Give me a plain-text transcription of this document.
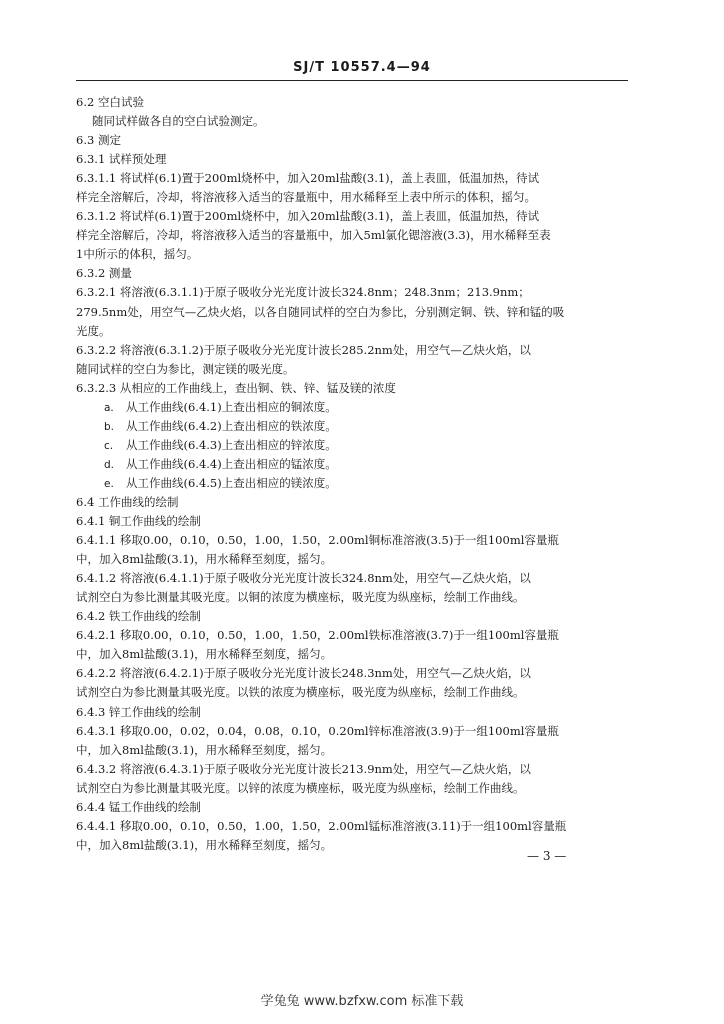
SJ/T 10557.4—94
6.2 空白试验
随同试样做各自的空白试验测定。
6.3 测定
6.3.1 试样预处理
6.3.1.1 将试样(6.1)置于200ml烧杯中，加入20ml盐酸(3.1)，盖上表皿，低温加热，待试
样完全溶解后，冷却，将溶液移入适当的容量瓶中，用水稀释至上表中所示的体积，摇匀。
6.3.1.2 将试样(6.1)置于200ml烧杯中，加入20ml盐酸(3.1)，盖上表皿，低温加热，待试
样完全溶解后，冷却，将溶液移入适当的容量瓶中，加入5ml氯化锶溶液(3.3)，用水稀释至表
1中所示的体积，摇匀。
6.3.2 测量
6.3.2.1 将溶液(6.3.1.1)于原子吸收分光光度计波长324.8nm；248.3nm；213.9nm；
279.5nm处，用空气—乙炔火焰，以各自随同试样的空白为参比，分别测定铜、铁、锌和锰的吸
光度。
6.3.2.2 将溶液(6.3.1.2)于原子吸收分光光度计波长285.2nm处，用空气—乙炔火焰，以
随同试样的空白为参比，测定镁的吸光度。
6.3.2.3 从相应的工作曲线上，查出铜、铁、锌、锰及镁的浓度
a. 从工作曲线(6.4.1)上查出相应的铜浓度。
b. 从工作曲线(6.4.2)上查出相应的铁浓度。
c. 从工作曲线(6.4.3)上查出相应的锌浓度。
d. 从工作曲线(6.4.4)上查出相应的锰浓度。
e. 从工作曲线(6.4.5)上查出相应的镁浓度。
6.4 工作曲线的绘制
6.4.1 铜工作曲线的绘制
6.4.1.1 移取0.00，0.10，0.50，1.00，1.50，2.00ml铜标准溶液(3.5)于一组100ml容量瓶
中，加入8ml盐酸(3.1)，用水稀释至刻度，摇匀。
6.4.1.2 将溶液(6.4.1.1)于原子吸收分光光度计波长324.8nm处，用空气—乙炔火焰，以
试剂空白为参比测量其吸光度。以铜的浓度为横座标，吸光度为纵座标，绘制工作曲线。
6.4.2 铁工作曲线的绘制
6.4.2.1 移取0.00，0.10，0.50，1.00，1.50，2.00ml铁标准溶液(3.7)于一组100ml容量瓶
中，加入8ml盐酸(3.1)，用水稀释至刻度，摇匀。
6.4.2.2 将溶液(6.4.2.1)于原子吸收分光光度计波长248.3nm处，用空气—乙炔火焰，以
试剂空白为参比测量其吸光度。以铁的浓度为横座标，吸光度为纵座标，绘制工作曲线。
6.4.3 锌工作曲线的绘制
6.4.3.1 移取0.00，0.02，0.04，0.08，0.10，0.20ml锌标准溶液(3.9)于一组100ml容量瓶
中，加入8ml盐酸(3.1)，用水稀释至刻度，摇匀。
6.4.3.2 将溶液(6.4.3.1)于原子吸收分光光度计波长213.9nm处，用空气—乙炔火焰，以
试剂空白为参比测量其吸光度。以锌的浓度为横座标，吸光度为纵座标，绘制工作曲线。
6.4.4 锰工作曲线的绘制
6.4.4.1 移取0.00，0.10，0.50，1.00，1.50，2.00ml锰标准溶液(3.11)于一组100ml容量瓶
中，加入8ml盐酸(3.1)，用水稀释至刻度，摇匀。
— 3 —
学兔兔 www.bzfxw.com 标准下载
